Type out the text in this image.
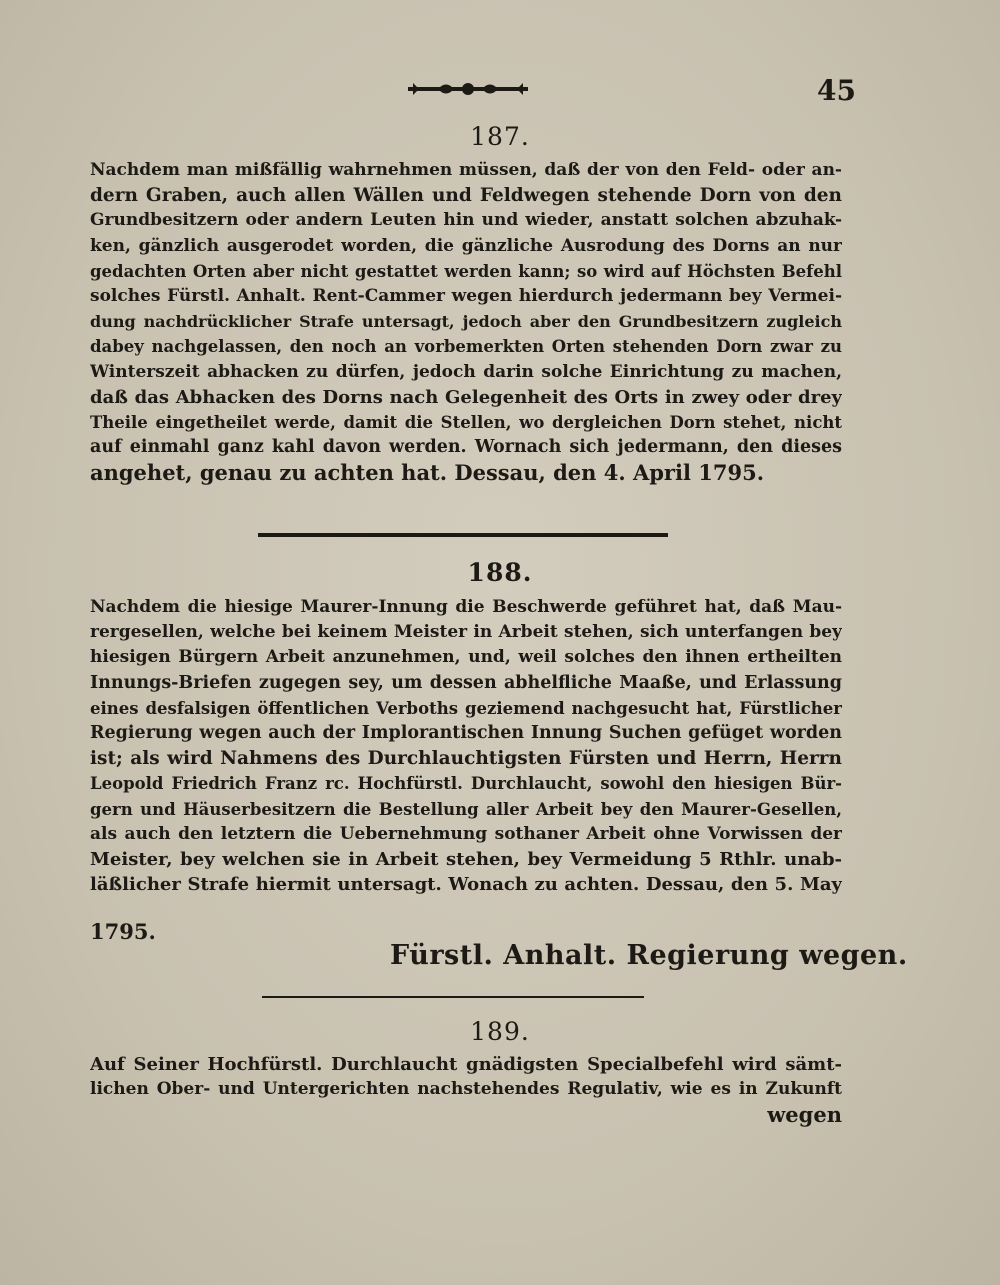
45
187.
Nachdem man mißfällig wahrnehmen müssen, daß der von den Feld- oder an-
dern Graben, auch allen Wällen und Feldwegen stehende Dorn von den
Grundbesitzern oder andern Leuten hin und wieder, anstatt solchen abzuhak-
ken, gänzlich ausgerodet worden, die gänzliche Ausrodung des Dorns an nur
gedachten Orten aber nicht gestattet werden kann; so wird auf Höchsten Befehl
solches Fürstl. Anhalt. Rent-Cammer wegen hierdurch jedermann bey Vermei-
dung nachdrücklicher Strafe untersagt, jedoch aber den Grundbesitzern zugleich
dabey nachgelassen, den noch an vorbemerkten Orten stehenden Dorn zwar zu
Winterszeit abhacken zu dürfen, jedoch darin solche Einrichtung zu machen,
daß das Abhacken des Dorns nach Gelegenheit des Orts in zwey oder drey
Theile eingetheilet werde, damit die Stellen, wo dergleichen Dorn stehet, nicht
auf einmahl ganz kahl davon werden. Wornach sich jedermann, den dieses
angehet, genau zu achten hat. Dessau, den 4. April 1795.
188.
Nachdem die hiesige Maurer-Innung die Beschwerde geführet hat, daß Mau-
rergesellen, welche bei keinem Meister in Arbeit stehen, sich unterfangen bey
hiesigen Bürgern Arbeit anzunehmen, und, weil solches den ihnen ertheilten
Innungs-Briefen zugegen sey, um dessen abhelfliche Maaße, und Erlassung
eines desfalsigen öffentlichen Verboths geziemend nachgesucht hat, Fürstlicher
Regierung wegen auch der Implorantischen Innung Suchen gefüget worden
ist; als wird Nahmens des Durchlauchtigsten Fürsten und Herrn, Herrn
Leopold Friedrich Franz rc. Hochfürstl. Durchlaucht, sowohl den hiesigen Bür-
gern und Häuserbesitzern die Bestellung aller Arbeit bey den Maurer-Gesellen,
als auch den letztern die Uebernehmung sothaner Arbeit ohne Vorwissen der
Meister, bey welchen sie in Arbeit stehen, bey Vermeidung 5 Rthlr. unab-
läßlicher Strafe hiermit untersagt. Wonach zu achten. Dessau, den 5. May
1795.
Fürstl. Anhalt. Regierung wegen.
189.
Auf Seiner Hochfürstl. Durchlaucht gnädigsten Specialbefehl wird sämt-
lichen Ober- und Untergerichten nachstehendes Regulativ, wie es in Zukunft
wegen
